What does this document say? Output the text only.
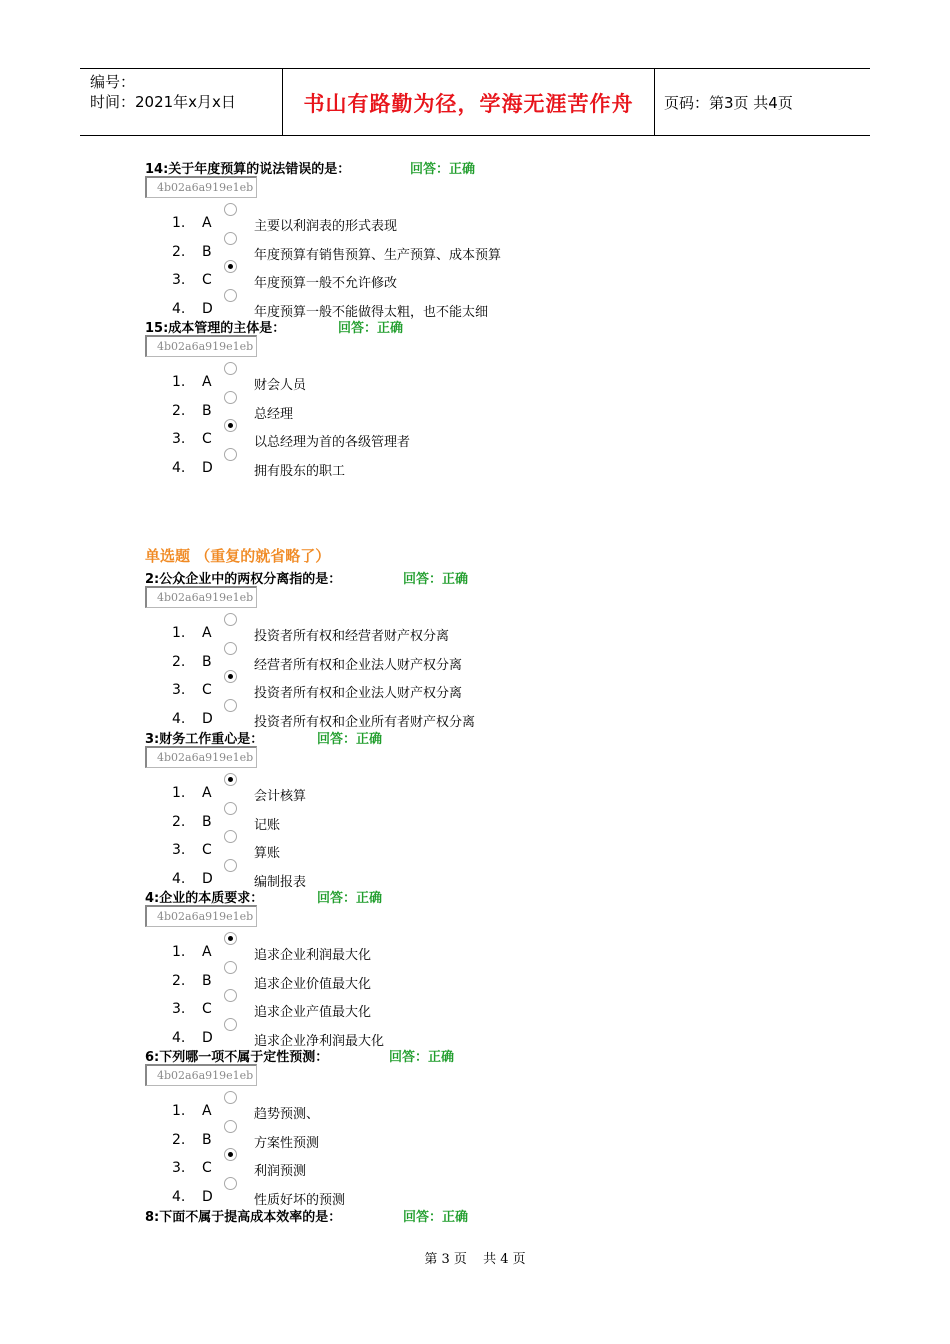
编号：
时间：2021年x月x日	书山有路勤为径，学海无涯苦作舟	页码：第3页 共4页
单选题 （重复的就省略了）
14:关于年度预算的说法错误的是：	回答：正确
4b02a6a919e1eb
1.	A	主要以利润表的形式表现
2.	B	年度预算有销售预算、生产预算、成本预算
3.	C	年度预算一般不允许修改
4.	D	年度预算一般不能做得太粗，也不能太细
15:成本管理的主体是：	回答：正确
4b02a6a919e1eb
1.	A	财会人员
2.	B	总经理
3.	C	以总经理为首的各级管理者
4.	D	拥有股东的职工
2:公众企业中的两权分离指的是：	回答：正确
4b02a6a919e1eb
1.	A	投资者所有权和经营者财产权分离
2.	B	经营者所有权和企业法人财产权分离
3.	C	投资者所有权和企业法人财产权分离
4.	D	投资者所有权和企业所有者财产权分离
3:财务工作重心是：	回答：正确
4b02a6a919e1eb
1.	A	会计核算
2.	B	记账
3.	C	算账
4.	D	编制报表
4:企业的本质要求：	回答：正确
4b02a6a919e1eb
1.	A	追求企业利润最大化
2.	B	追求企业价值最大化
3.	C	追求企业产值最大化
4.	D	追求企业净利润最大化
6:下列哪一项不属于定性预测：	回答：正确
4b02a6a919e1eb
1.	A	趋势预测、
2.	B	方案性预测
3.	C	利润预测
4.	D	性质好坏的预测
8:下面不属于提高成本效率的是：	回答：正确
第 3 页 共 4 页
